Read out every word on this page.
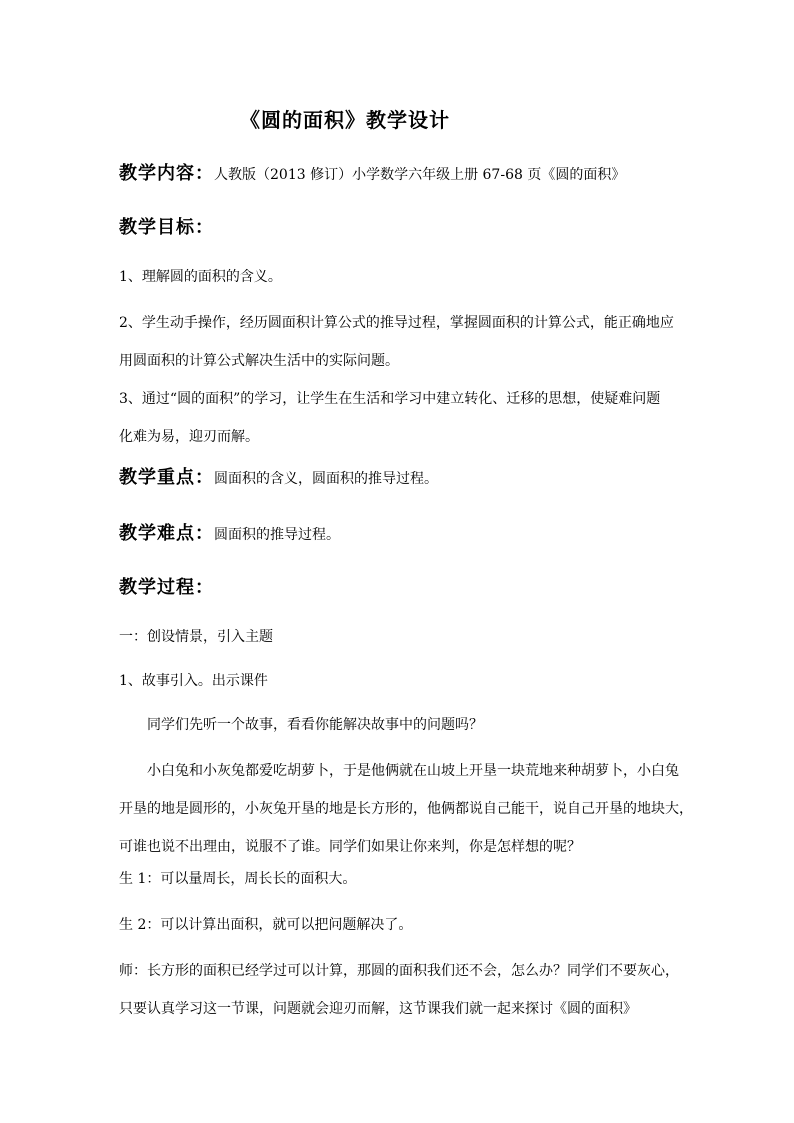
《圆的面积》教学设计
教学内容：人教版（2013 修订）小学数学六年级上册 67-68 页《圆的面积》
教学目标：
1、理解圆的面积的含义。
2、学生动手操作，经历圆面积计算公式的推导过程，掌握圆面积的计算公式，能正确地应
用圆面积的计算公式解决生活中的实际问题。
3、通过“圆的面积”的学习，让学生在生活和学习中建立转化、迁移的思想，使疑难问题
化难为易，迎刃而解。
教学重点：圆面积的含义，圆面积的推导过程。
教学难点：圆面积的推导过程。
教学过程：
一：创设情景，引入主题
1、故事引入。出示课件
同学们先听一个故事，看看你能解决故事中的问题吗？
小白兔和小灰兔都爱吃胡萝卜，于是他俩就在山坡上开垦一块荒地来种胡萝卜，小白兔
开垦的地是圆形的，小灰兔开垦的地是长方形的，他俩都说自己能干，说自己开垦的地块大，
可谁也说不出理由，说服不了谁。同学们如果让你来判，你是怎样想的呢？
生 1：可以量周长，周长长的面积大。
生 2：可以计算出面积，就可以把问题解决了。
师：长方形的面积已经学过可以计算，那圆的面积我们还不会，怎么办？同学们不要灰心，
只要认真学习这一节课，问题就会迎刃而解，这节课我们就一起来探讨《圆的面积》
